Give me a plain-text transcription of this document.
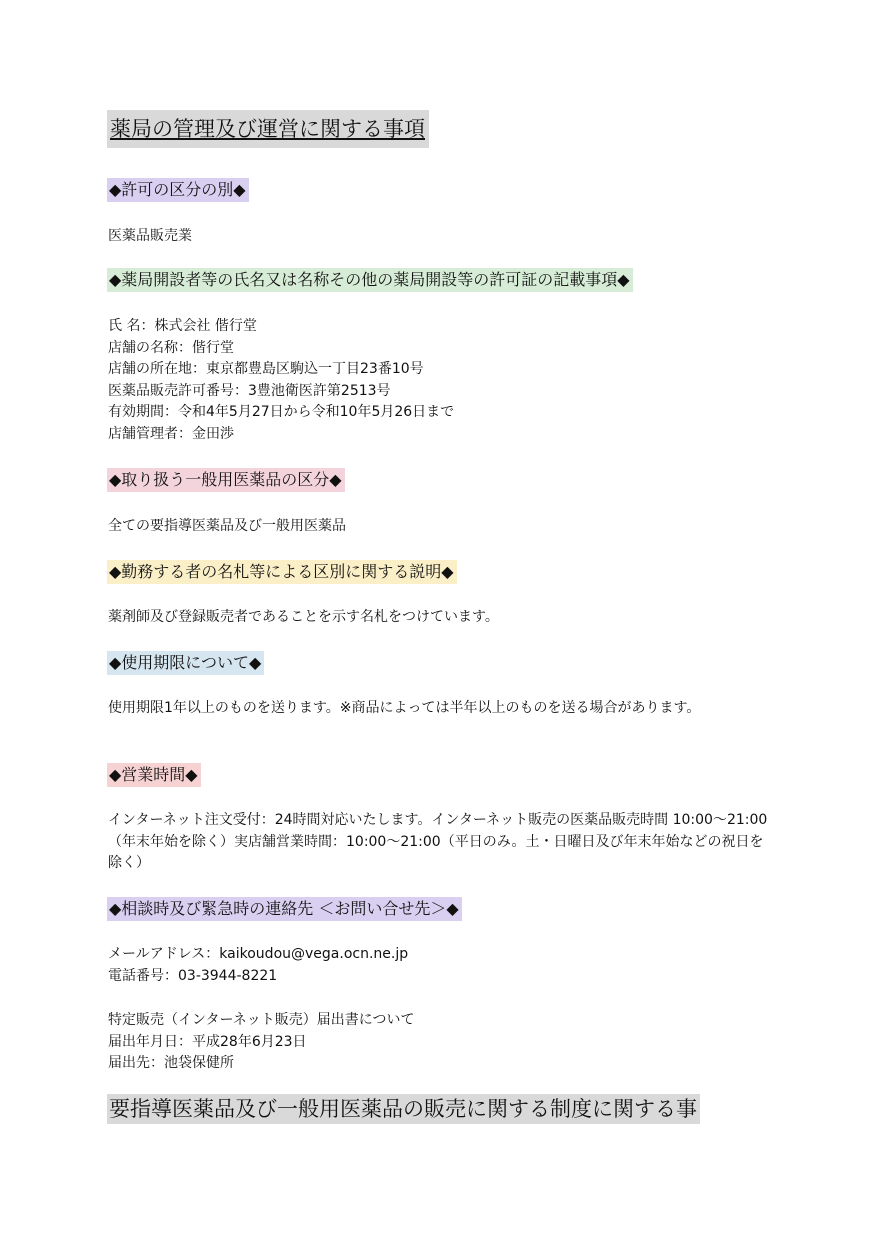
薬局の管理及び運営に関する事項
◆許可の区分の別◆
医薬品販売業
◆薬局開設者等の氏名又は名称その他の薬局開設等の許可証の記載事項◆
氏 名：株式会社 偕行堂
店舗の名称：偕行堂
店舗の所在地：東京都豊島区駒込一丁目23番10号
医薬品販売許可番号：3豊池衛医許第2513号
有効期間：令和4年5月27日から令和10年5月26日まで
店舗管理者：金田渉
◆取り扱う一般用医薬品の区分◆
全ての要指導医薬品及び一般用医薬品
◆勤務する者の名札等による区別に関する説明◆
薬剤師及び登録販売者であることを示す名札をつけています。
◆使用期限について◆
使用期限1年以上のものを送ります。※商品によっては半年以上のものを送る場合があります。
◆営業時間◆
インターネット注文受付：24時間対応いたします。インターネット販売の医薬品販売時間 10:00～21:00（年末年始を除く）実店舗営業時間：10:00～21:00（平日のみ。土・日曜日及び年末年始などの祝日を除く）
◆相談時及び緊急時の連絡先 ＜お問い合せ先＞◆
メールアドレス：kaikoudou@vega.ocn.ne.jp
電話番号：03-3944-8221
特定販売（インターネット販売）届出書について
届出年月日：平成28年6月23日
届出先：池袋保健所
要指導医薬品及び一般用医薬品の販売に関する制度に関する事
